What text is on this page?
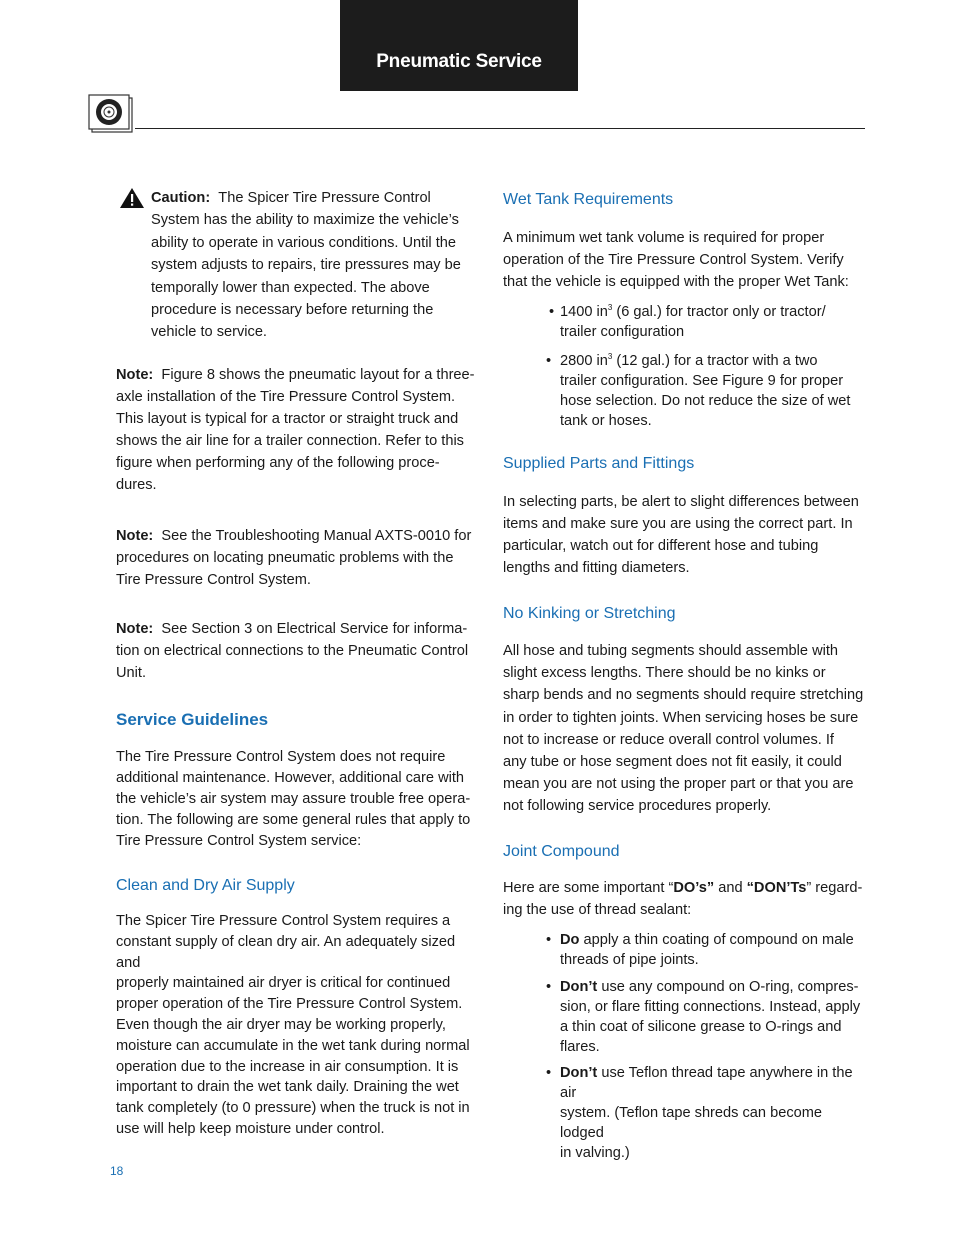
Pneumatic Service
Caution: The Spicer Tire Pressure Control
System has the ability to maximize the vehicle’s
ability to operate in various conditions. Until the
system adjusts to repairs, tire pressures may be
temporally lower than expected. The above
procedure is necessary before returning the
vehicle to service.
Note: Figure 8 shows the pneumatic layout for a three-
axle installation of the Tire Pressure Control System.
This layout is typical for a tractor or straight truck and
shows the air line for a trailer connection. Refer to this
figure when performing any of the following proce-
dures.
Note: See the Troubleshooting Manual AXTS-0010 for
procedures on locating pneumatic problems with the
Tire Pressure Control System.
Note: See Section 3 on Electrical Service for informa-
tion on electrical connections to the Pneumatic Control
Unit.
Service Guidelines
The Tire Pressure Control System does not require
additional maintenance. However, additional care with
the vehicle’s air system may assure trouble free opera-
tion. The following are some general rules that apply to
Tire Pressure Control System service:
Clean and Dry Air Supply
The Spicer Tire Pressure Control System requires a
constant supply of clean dry air. An adequately sized and
properly maintained air dryer is critical for continued
proper operation of the Tire Pressure Control System.
Even though the air dryer may be working properly,
moisture can accumulate in the wet tank during normal
operation due to the increase in air consumption. It is
important to drain the wet tank daily. Draining the wet
tank completely (to 0 pressure) when the truck is not in
use will help keep moisture under control.
Wet Tank Requirements
A minimum wet tank volume is required for proper
operation of the Tire Pressure Control System. Verify
that the vehicle is equipped with the proper Wet Tank:
• 1400 $in^3$ (6 gal.) for tractor only or tractor/
trailer configuration
• 2800 $in^3$ (12 gal.) for a tractor with a two
trailer configuration. See Figure 9 for proper
hose selection. Do not reduce the size of wet
tank or hoses.
Supplied Parts and Fittings
In selecting parts, be alert to slight differences between
items and make sure you are using the correct part. In
particular, watch out for different hose and tubing
lengths and fitting diameters.
No Kinking or Stretching
All hose and tubing segments should assemble with
slight excess lengths. There should be no kinks or
sharp bends and no segments should require stretching
in order to tighten joints. When servicing hoses be sure
not to increase or reduce overall control volumes. If
any tube or hose segment does not fit easily, it could
mean you are not using the proper part or that you are
not following service procedures properly.
Joint Compound
Here are some important “DO’s” and “DON’Ts” regard-
ing the use of thread sealant:
• Do apply a thin coating of compound on male
threads of pipe joints.
• Don’t use any compound on O-ring, compres-
sion, or flare fitting connections. Instead, apply
a thin coat of silicone grease to O-rings and
flares.
• Don’t use Teflon thread tape anywhere in the air
system. (Teflon tape shreds can become lodged
in valving.)
18
